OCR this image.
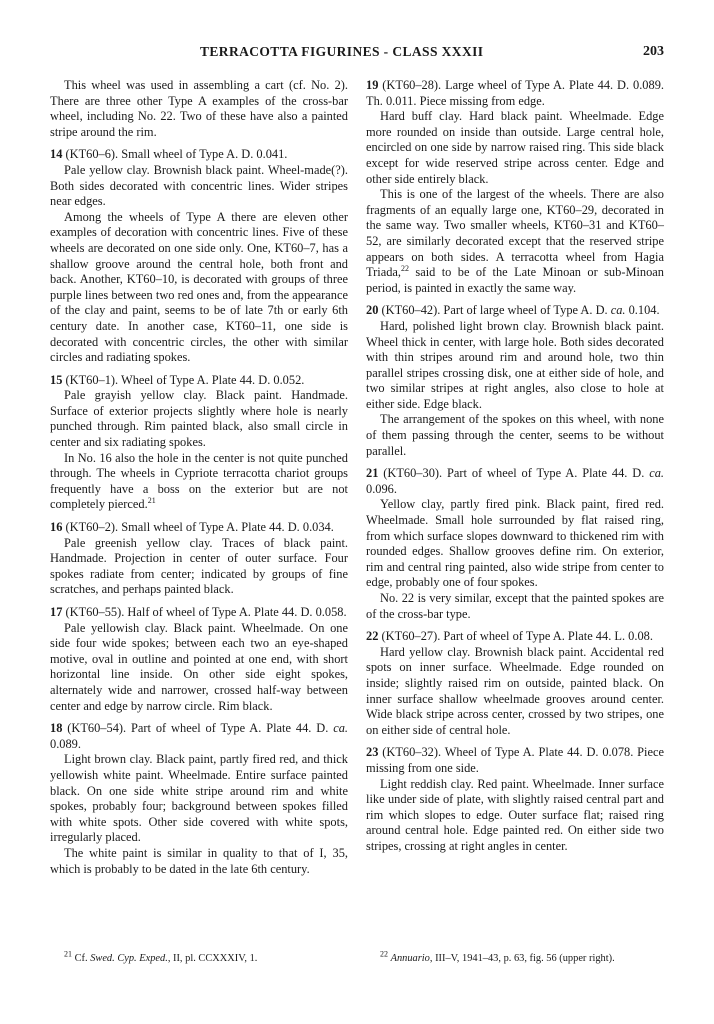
TERRACOTTA FIGURINES - CLASS XXXII	203

This wheel was used in assembling a cart (cf. No. 2). There are three other Type A examples of the cross-bar wheel, including No. 22. Two of these have also a painted stripe around the rim.

14 (KT60–6). Small wheel of Type A. D. 0.041.

Pale yellow clay. Brownish black paint. Wheel-made(?). Both sides decorated with concentric lines. Wider stripes near edges.

Among the wheels of Type A there are eleven other examples of decoration with concentric lines. Five of these wheels are decorated on one side only. One, KT60–7, has a shallow groove around the central hole, both front and back. Another, KT60–10, is decorated with groups of three purple lines between two red ones and, from the appearance of the clay and paint, seems to be of late 7th or early 6th century date. In another case, KT60–11, one side is decorated with concentric circles, the other with similar circles and radiating spokes.

15 (KT60–1). Wheel of Type A. Plate 44. D. 0.052.

Pale grayish yellow clay. Black paint. Handmade. Surface of exterior projects slightly where hole is nearly punched through. Rim painted black, also small circle in center and six radiating spokes.

In No. 16 also the hole in the center is not quite punched through. The wheels in Cypriote terracotta chariot groups frequently have a boss on the exterior but are not completely pierced.$^{21}$

16 (KT60–2). Small wheel of Type A. Plate 44. D. 0.034.

Pale greenish yellow clay. Traces of black paint. Handmade. Projection in center of outer surface. Four spokes radiate from center; indicated by groups of fine scratches, and perhaps painted black.

17 (KT60–55). Half of wheel of Type A. Plate 44. D. 0.058.

Pale yellowish clay. Black paint. Wheelmade. On one side four wide spokes; between each two an eye-shaped motive, oval in outline and pointed at one end, with short horizontal line inside. On other side eight spokes, alternately wide and narrower, crossed half-way between center and edge by narrow circle. Rim black.

18 (KT60–54). Part of wheel of Type A. Plate 44. D. ca. 0.089.

Light brown clay. Black paint, partly fired red, and thick yellowish white paint. Wheelmade. Entire surface painted black. On one side white stripe around rim and white spokes, probably four; background between spokes filled with white spots. Other side covered with white spots, irregularly placed.

The white paint is similar in quality to that of I, 35, which is probably to be dated in the late 6th century.

19 (KT60–28). Large wheel of Type A. Plate 44. D. 0.089. Th. 0.011. Piece missing from edge.

Hard buff clay. Hard black paint. Wheelmade. Edge more rounded on inside than outside. Large central hole, encircled on one side by narrow raised ring. This side black except for wide reserved stripe across center. Edge and other side entirely black.

This is one of the largest of the wheels. There are also fragments of an equally large one, KT60–29, decorated in the same way. Two smaller wheels, KT60–31 and KT60–52, are similarly decorated except that the reserved stripe appears on both sides. A terracotta wheel from Hagia Triada,$^{22}$ said to be of the Late Minoan or sub-Minoan period, is painted in exactly the same way.

20 (KT60–42). Part of large wheel of Type A. D. ca. 0.104.

Hard, polished light brown clay. Brownish black paint. Wheel thick in center, with large hole. Both sides decorated with thin stripes around rim and around hole, two thin parallel stripes crossing disk, one at either side of hole, and two similar stripes at right angles, also close to hole at either side. Edge black.

The arrangement of the spokes on this wheel, with none of them passing through the center, seems to be without parallel.

21 (KT60–30). Part of wheel of Type A. Plate 44. D. ca. 0.096.

Yellow clay, partly fired pink. Black paint, fired red. Wheelmade. Small hole surrounded by flat raised ring, from which surface slopes downward to thickened rim with rounded edges. Shallow grooves define rim. On exterior, rim and central ring painted, also wide stripe from center to edge, probably one of four spokes.

No. 22 is very similar, except that the painted spokes are of the cross-bar type.

22 (KT60–27). Part of wheel of Type A. Plate 44. L. 0.08.

Hard yellow clay. Brownish black paint. Accidental red spots on inner surface. Wheelmade. Edge rounded on inside; slightly raised rim on outside, painted black. On inner surface shallow wheelmade grooves around center. Wide black stripe across center, crossed by two stripes, one on either side of central hole.

23 (KT60–32). Wheel of Type A. Plate 44. D. 0.078. Piece missing from one side.

Light reddish clay. Red paint. Wheelmade. Inner surface like under side of plate, with slightly raised central part and rim which slopes to edge. Outer surface flat; raised ring around central hole. Edge painted red. On either side two stripes, crossing at right angles in center.

$^{21}$ Cf. Swed. Cyp. Exped., II, pl. CCXXXIV, 1.	$^{22}$ Annuario, III–V, 1941–43, p. 63, fig. 56 (upper right).
